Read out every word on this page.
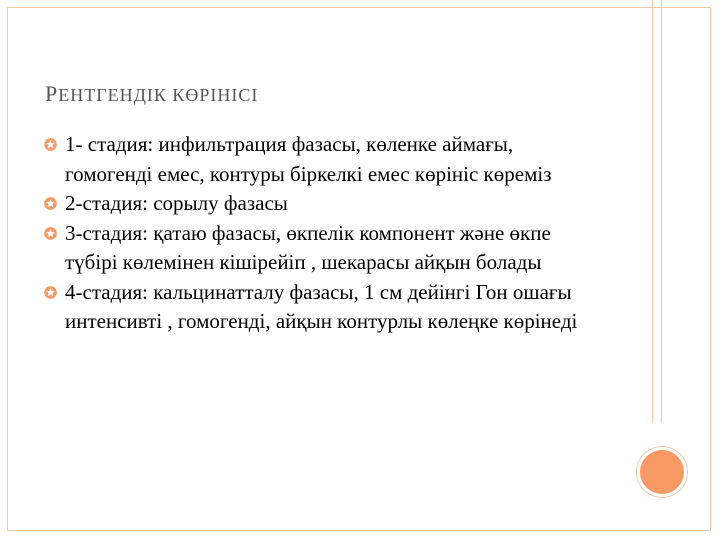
РЕНТГЕНДІК КӨРІНІСІ
1- стадия: инфильтрация фазасы, көленке аймағы, гомогенді емес, контуры біркелкі емес көрініс көреміз
2-стадия: сорылу фазасы
3-стадия: қатаю фазасы, өкпелік компонент және өкпе түбірі көлемінен кішірейіп , шекарасы айқын болады
4-стадия: кальцинатталу фазасы, 1 см дейінгі Гон ошағы интенсивті , гомогенді, айқын контурлы көлеңке көрінеді
